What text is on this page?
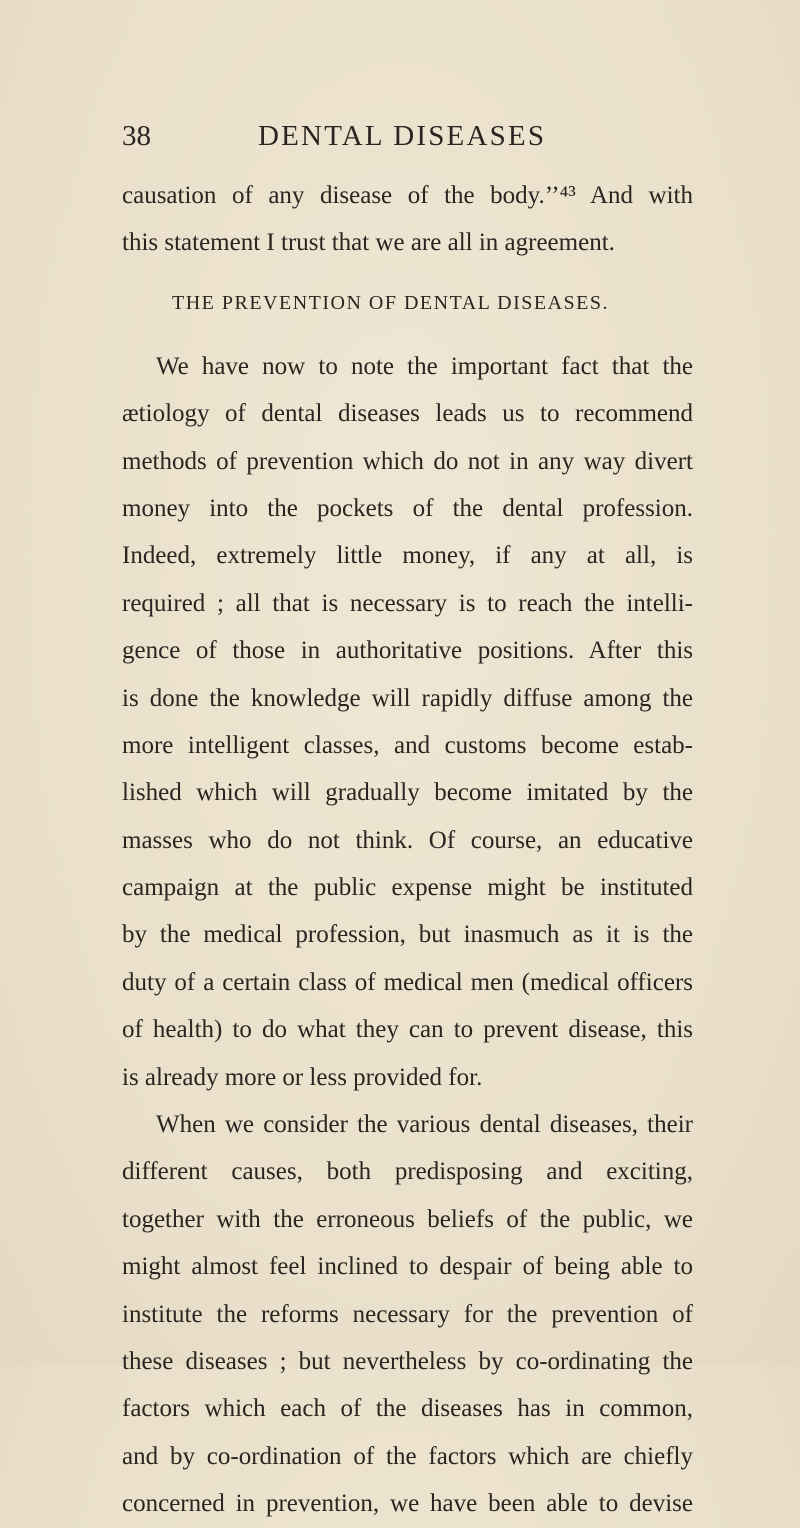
38	DENTAL DISEASES
causation of any disease of the body.’’⁴³ And with
this statement I trust that we are all in agreement.
THE PREVENTION OF DENTAL DISEASES.
We have now to note the important fact that the
ætiology of dental diseases leads us to recommend
methods of prevention which do not in any way divert
money into the pockets of the dental profession.
Indeed, extremely little money, if any at all, is
required ; all that is necessary is to reach the intelli-
gence of those in authoritative positions. After this
is done the knowledge will rapidly diffuse among the
more intelligent classes, and customs become estab-
lished which will gradually become imitated by the
masses who do not think. Of course, an educative
campaign at the public expense might be instituted
by the medical profession, but inasmuch as it is the
duty of a certain class of medical men (medical officers
of health) to do what they can to prevent disease, this
is already more or less provided for.
When we consider the various dental diseases, their
different causes, both predisposing and exciting,
together with the erroneous beliefs of the public, we
might almost feel inclined to despair of being able to
institute the reforms necessary for the prevention of
these diseases ; but nevertheless by co-ordinating the
factors which each of the diseases has in common,
and by co-ordination of the factors which are chiefly
concerned in prevention, we have been able to devise
